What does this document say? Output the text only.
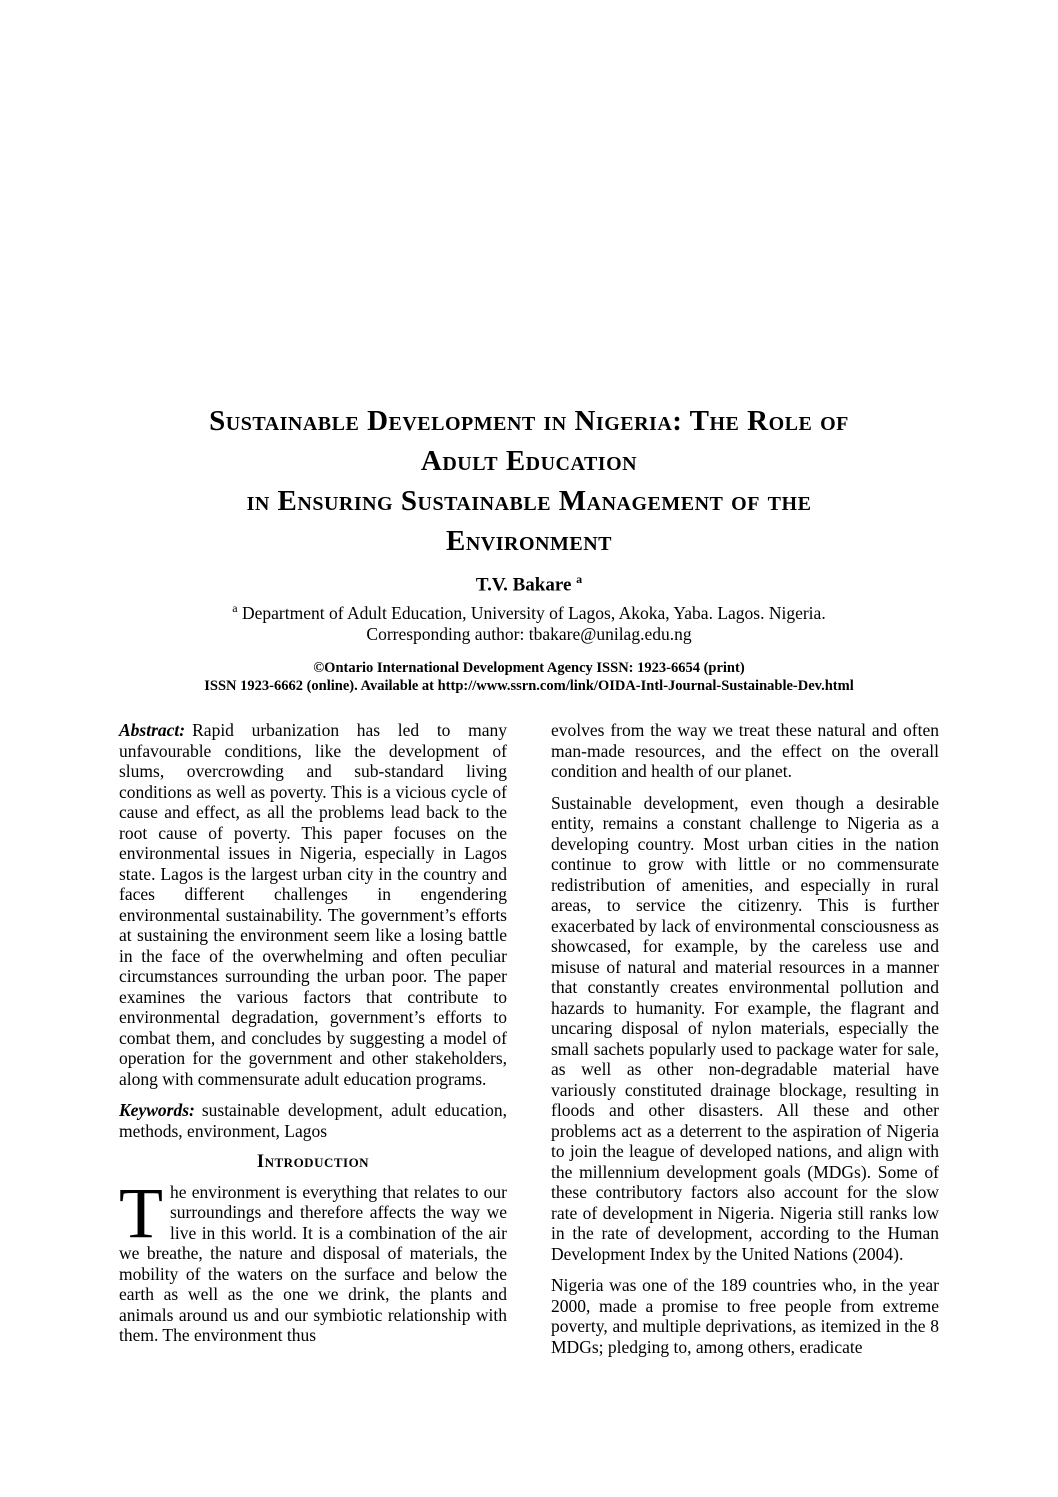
Sustainable Development in Nigeria: The Role of
Adult Education
in Ensuring Sustainable Management of the
Environment
T.V. Bakare $^a$
$^a$ Department of Adult Education, University of Lagos, Akoka, Yaba. Lagos. Nigeria.
Corresponding author: tbakare@unilag.edu.ng
©Ontario International Development Agency ISSN: 1923-6654 (print)
ISSN 1923-6662 (online). Available at http://www.ssrn.com/link/OIDA-Intl-Journal-Sustainable-Dev.html

Abstract: Rapid urbanization has led to many unfavourable conditions, like the development of slums, overcrowding and sub-standard living conditions as well as poverty. This is a vicious cycle of cause and effect, as all the problems lead back to the root cause of poverty. This paper focuses on the environmental issues in Nigeria, especially in Lagos state. Lagos is the largest urban city in the country and faces different challenges in engendering environmental sustainability. The government’s efforts at sustaining the environment seem like a losing battle in the face of the overwhelming and often peculiar circumstances surrounding the urban poor. The paper examines the various factors that contribute to environmental degradation, government’s efforts to combat them, and concludes by suggesting a model of operation for the government and other stakeholders, along with commensurate adult education programs.

Keywords: sustainable development, adult education, methods, environment, Lagos

Introduction

The environment is everything that relates to our surroundings and therefore affects the way we live in this world. It is a combination of the air we breathe, the nature and disposal of materials, the mobility of the waters on the surface and below the earth as well as the one we drink, the plants and animals around us and our symbiotic relationship with them. The environment thus

evolves from the way we treat these natural and often man-made resources, and the effect on the overall condition and health of our planet.

Sustainable development, even though a desirable entity, remains a constant challenge to Nigeria as a developing country. Most urban cities in the nation continue to grow with little or no commensurate redistribution of amenities, and especially in rural areas, to service the citizenry. This is further exacerbated by lack of environmental consciousness as showcased, for example, by the careless use and misuse of natural and material resources in a manner that constantly creates environmental pollution and hazards to humanity. For example, the flagrant and uncaring disposal of nylon materials, especially the small sachets popularly used to package water for sale, as well as other non-degradable material have variously constituted drainage blockage, resulting in floods and other disasters. All these and other problems act as a deterrent to the aspiration of Nigeria to join the league of developed nations, and align with the millennium development goals (MDGs). Some of these contributory factors also account for the slow rate of development in Nigeria. Nigeria still ranks low in the rate of development, according to the Human Development Index by the United Nations (2004).

Nigeria was one of the 189 countries who, in the year 2000, made a promise to free people from extreme poverty, and multiple deprivations, as itemized in the 8 MDGs; pledging to, among others, eradicate
